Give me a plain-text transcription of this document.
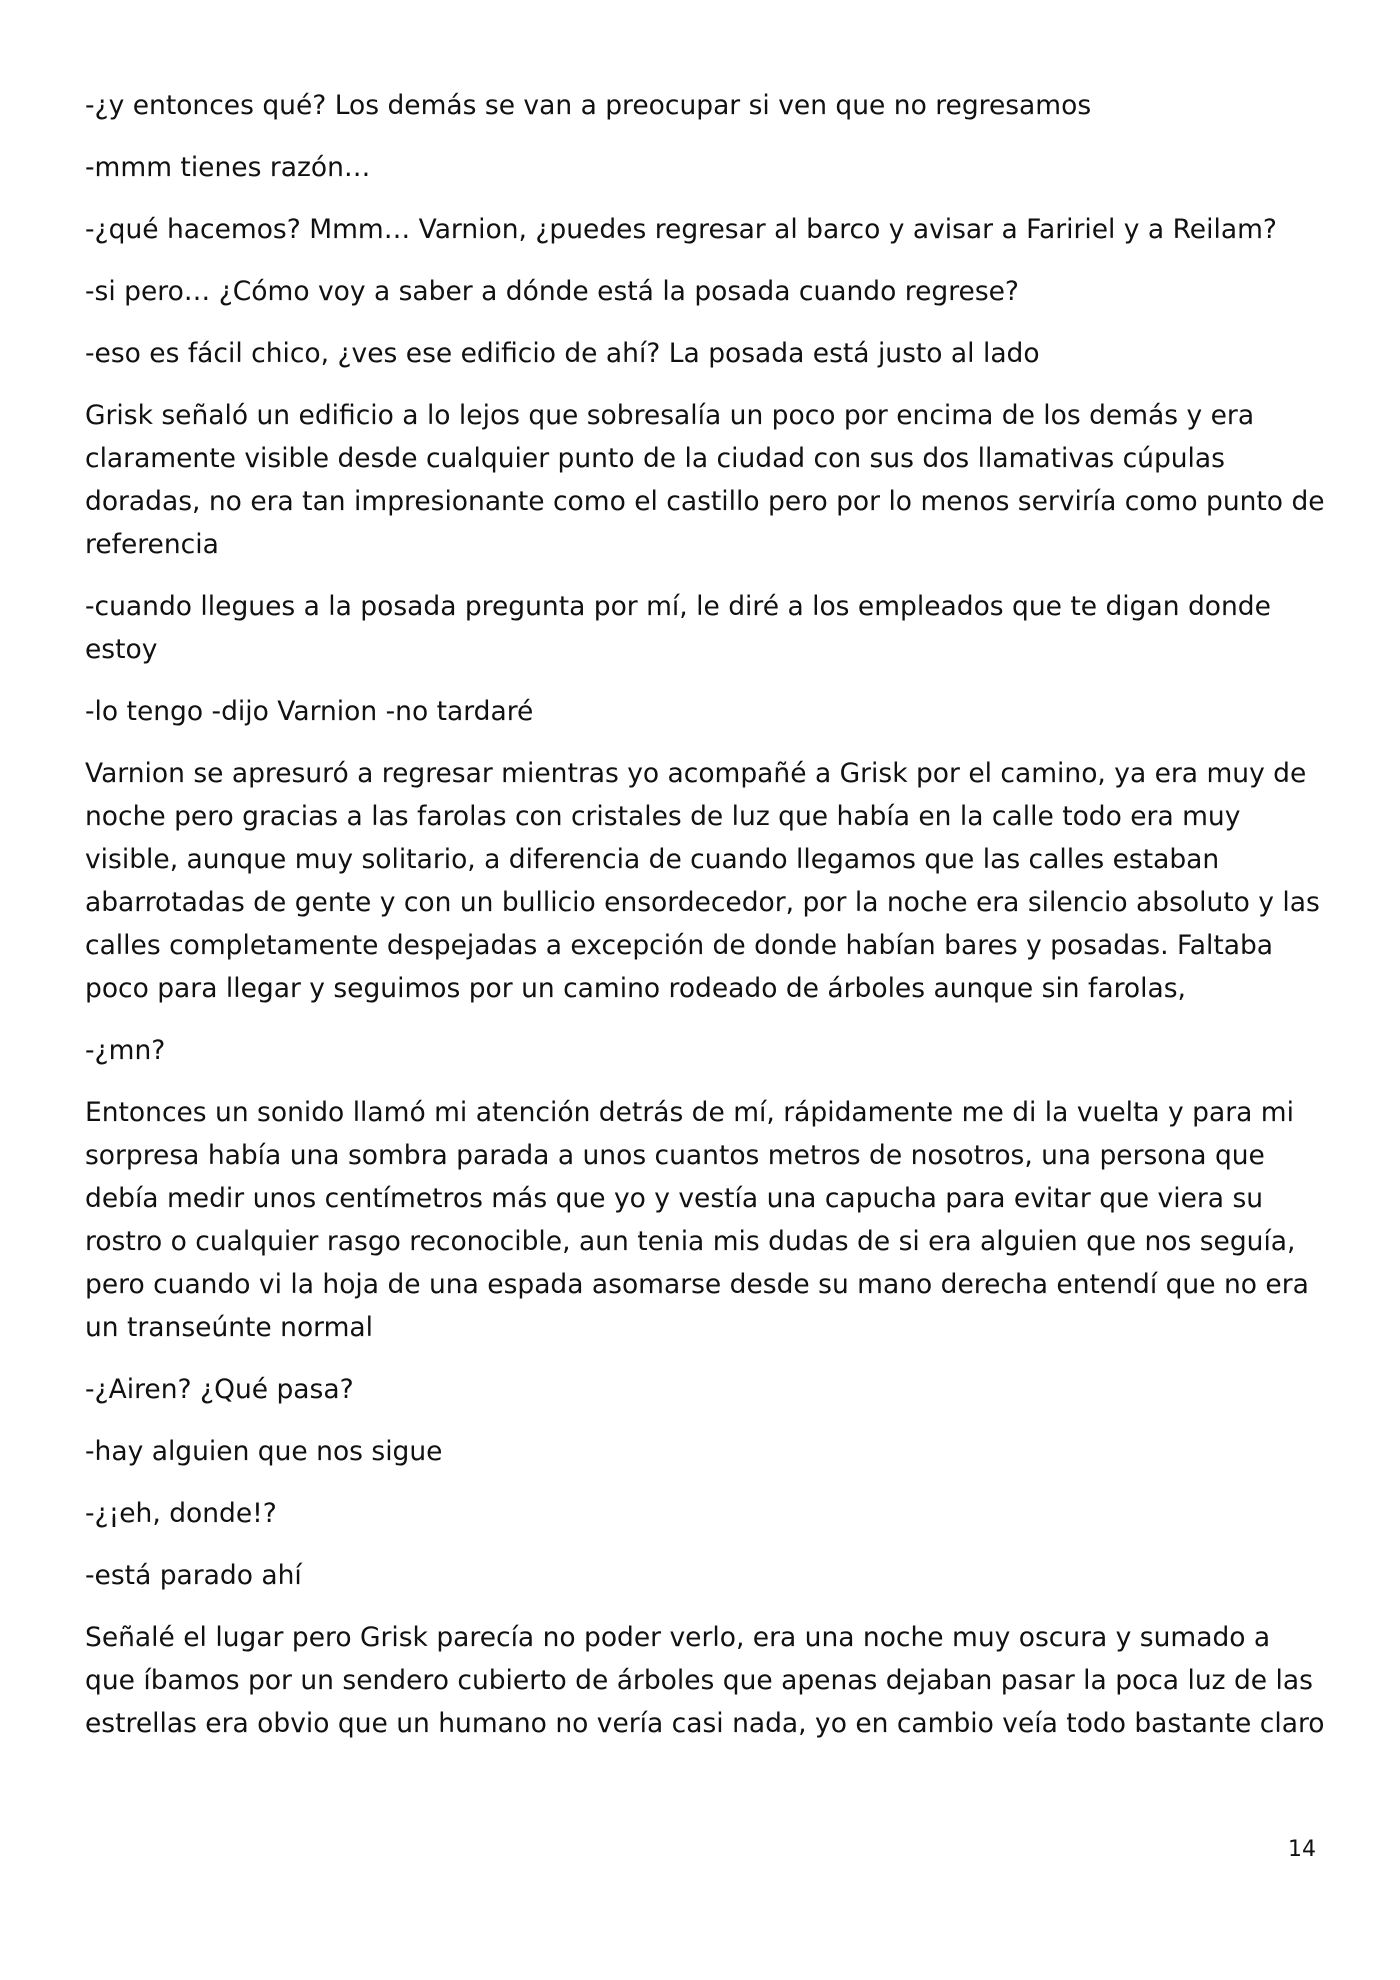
-¿y entonces qué? Los demás se van a preocupar si ven que no regresamos

-mmm tienes razón…

-¿qué hacemos? Mmm… Varnion, ¿puedes regresar al barco y avisar a Faririel y a Reilam?

-si pero… ¿Cómo voy a saber a dónde está la posada cuando regrese?

-eso es fácil chico, ¿ves ese edificio de ahí? La posada está justo al lado

Grisk señaló un edificio a lo lejos que sobresalía un poco por encima de los demás y era claramente visible desde cualquier punto de la ciudad con sus dos llamativas cúpulas doradas, no era tan impresionante como el castillo pero por lo menos serviría como punto de referencia

-cuando llegues a la posada pregunta por mí, le diré a los empleados que te digan donde estoy

-lo tengo -dijo Varnion -no tardaré

Varnion se apresuró a regresar mientras yo acompañé a Grisk por el camino, ya era muy de noche pero gracias a las farolas con cristales de luz que había en la calle todo era muy visible, aunque muy solitario, a diferencia de cuando llegamos que las calles estaban abarrotadas de gente y con un bullicio ensordecedor, por la noche era silencio absoluto y las calles completamente despejadas a excepción de donde habían bares y posadas. Faltaba poco para llegar y seguimos por un camino rodeado de árboles aunque sin farolas,

-¿mn?

Entonces un sonido llamó mi atención detrás de mí, rápidamente me di la vuelta y para mi sorpresa había una sombra parada a unos cuantos metros de nosotros, una persona que debía medir unos centímetros más que yo y vestía una capucha para evitar que viera su rostro o cualquier rasgo reconocible, aun tenia mis dudas de si era alguien que nos seguía, pero cuando vi la hoja de una espada asomarse desde su mano derecha entendí que no era un transeúnte normal

-¿Airen? ¿Qué pasa?

-hay alguien que nos sigue

-¿¡eh, donde!?

-está parado ahí

Señalé el lugar pero Grisk parecía no poder verlo, era una noche muy oscura y sumado a que íbamos por un sendero cubierto de árboles que apenas dejaban pasar la poca luz de las estrellas era obvio que un humano no vería casi nada, yo en cambio veía todo bastante claro

14
